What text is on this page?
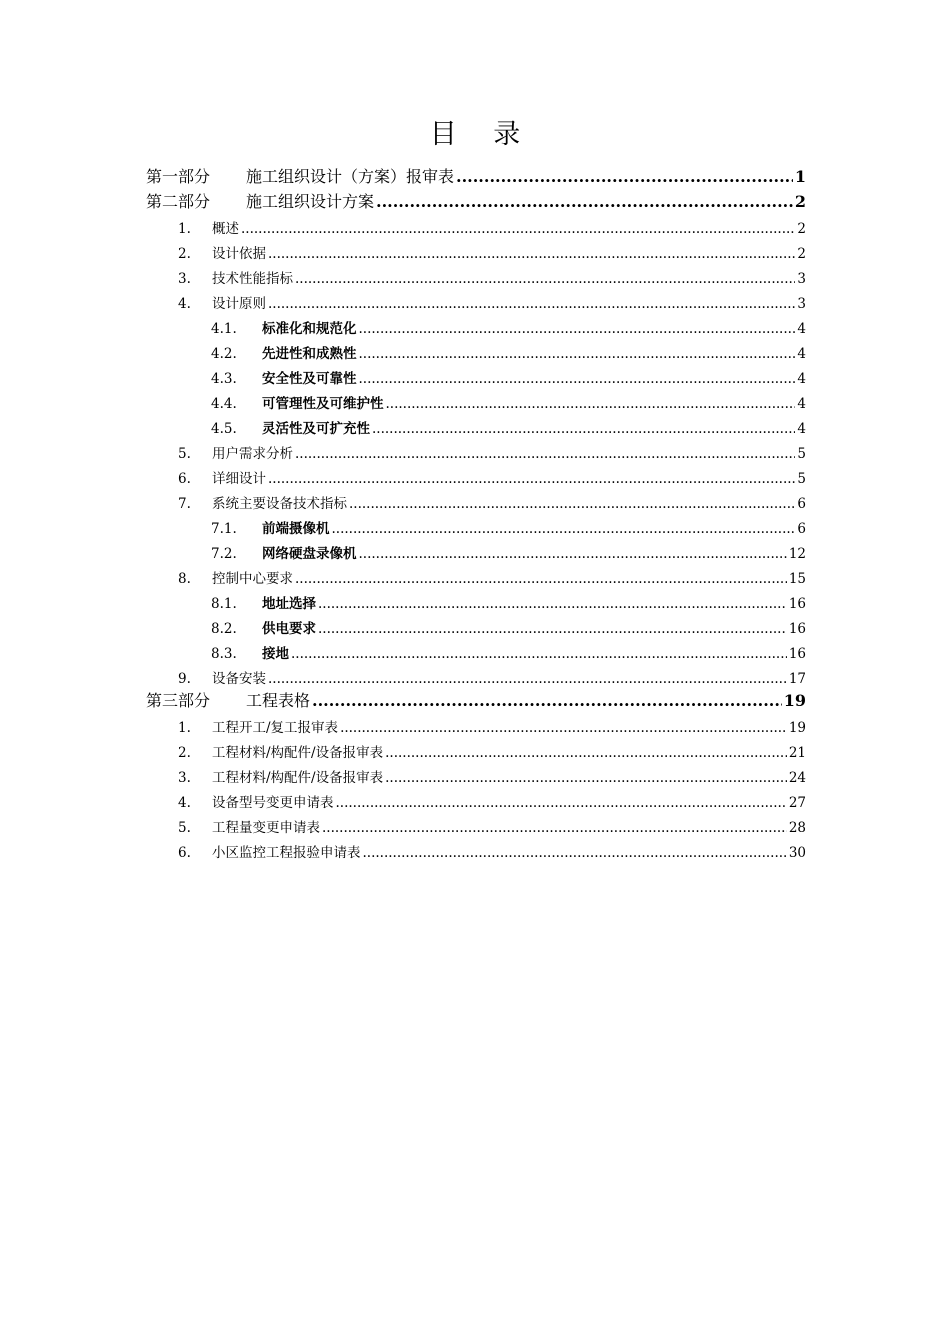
目 录
第一部分	施工组织设计（方案）报审表 .....	1
第二部分	施工组织设计方案 .....	2
1.	概述 .....	2
2.	设计依据 .....	2
3.	技术性能指标 .....	3
4.	设计原则 .....	3
4.1.	标准化和规范化 .....	4
4.2.	先进性和成熟性 .....	4
4.3.	安全性及可靠性 .....	4
4.4.	可管理性及可维护性 .....	4
4.5.	灵活性及可扩充性 .....	4
5.	用户需求分析 .....	5
6.	详细设计 .....	5
7.	系统主要设备技术指标 .....	6
7.1.	前端摄像机 .....	6
7.2.	网络硬盘录像机 .....	12
8.	控制中心要求 .....	15
8.1.	地址选择 .....	16
8.2.	供电要求 .....	16
8.3.	接地 .....	16
9.	设备安装 .....	17
第三部分	工程表格 .....	19
1.	工程开工/复工报审表 .....	19
2.	工程材料/构配件/设备报审表 .....	21
3.	工程材料/构配件/设备报审表 .....	24
4.	设备型号变更申请表 .....	27
5.	工程量变更申请表 .....	28
6.	小区监控工程报验申请表 .....	30
